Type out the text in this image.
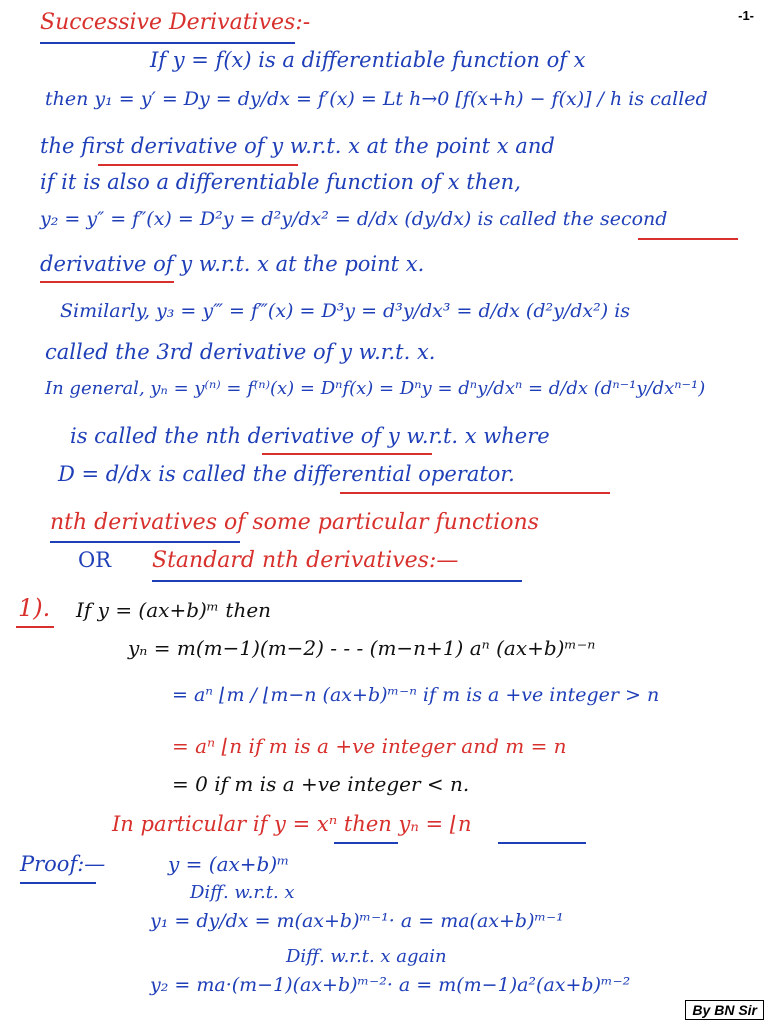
-1-
Successive Derivatives:-
If y = f(x) is a differentiable function of x
then y₁ = y′ = Dy = dy/dx = f′(x) = Lt h→0 [f(x+h) − f(x)] / h is called
the first derivative of y w.r.t. x at the point x and
if it is also a differentiable function of x then,
y₂ = y″ = f″(x) = D²y = d²y/dx² = d/dx (dy/dx) is called the second
derivative of y w.r.t. x at the point x.
Similarly, y₃ = y‴ = f‴(x) = D³y = d³y/dx³ = d/dx (d²y/dx²) is
called the 3rd derivative of y w.r.t. x.
In general, yₙ = y⁽ⁿ⁾ = f⁽ⁿ⁾(x) = Dⁿf(x) = Dⁿy = dⁿy/dxⁿ = d/dx (dⁿ⁻¹y/dxⁿ⁻¹)
is called the nth derivative of y w.r.t. x where
D = d/dx is called the differential operator.
nth derivatives of some particular functions
OR Standard nth derivatives:—
1). If y = (ax+b)ᵐ then
yₙ = m(m−1)(m−2) - - - (m−n+1) aⁿ (ax+b)ᵐ⁻ⁿ
= aⁿ ⌊m / ⌊m−n (ax+b)ᵐ⁻ⁿ if m is a +ve integer > n
= aⁿ ⌊n if m is a +ve integer and m = n
= 0 if m is a +ve integer < n.
In particular if y = xⁿ then yₙ = ⌊n
Proof:—	y = (ax+b)ᵐ
Diff. w.r.t. x
y₁ = dy/dx = m(ax+b)ᵐ⁻¹· a = ma(ax+b)ᵐ⁻¹
Diff. w.r.t. x again
y₂ = ma·(m−1)(ax+b)ᵐ⁻²· a = m(m−1)a²(ax+b)ᵐ⁻²
By BN Sir
